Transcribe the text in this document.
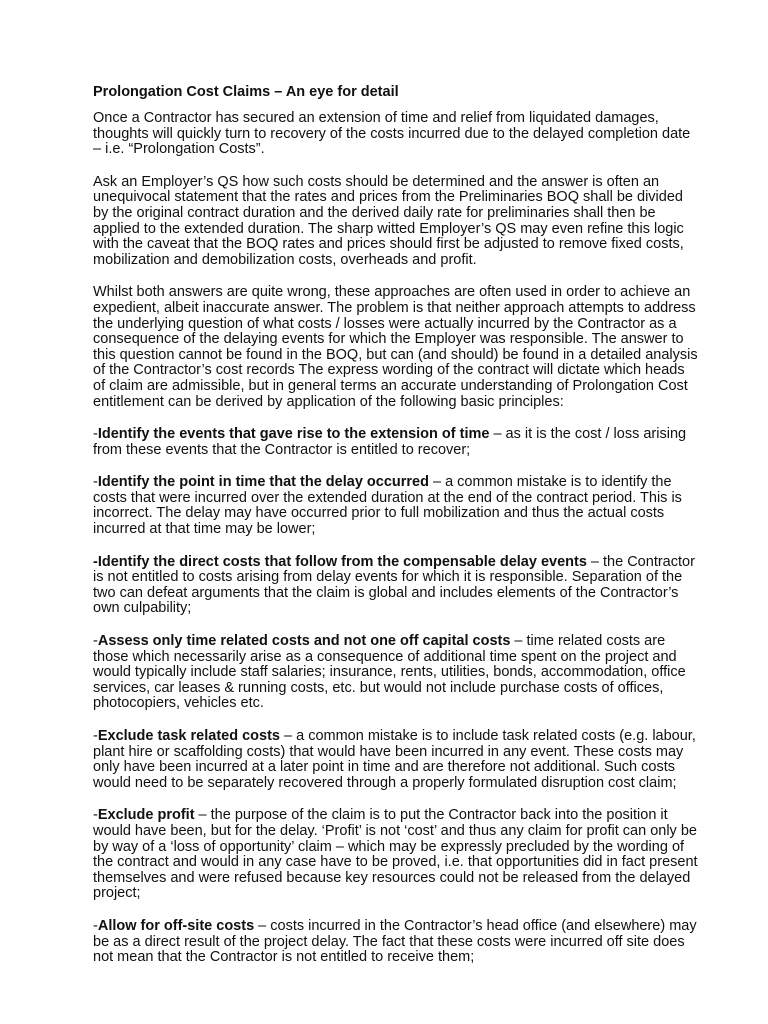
Prolongation Cost Claims – An eye for detail

Once a Contractor has secured an extension of time and relief from liquidated damages, thoughts will quickly turn to recovery of the costs incurred due to the delayed completion date – i.e. “Prolongation Costs”.

Ask an Employer’s QS how such costs should be determined and the answer is often an unequivocal statement that the rates and prices from the Preliminaries BOQ shall be divided by the original contract duration and the derived daily rate for preliminaries shall then be applied to the extended duration. The sharp witted Employer’s QS may even refine this logic with the caveat that the BOQ rates and prices should first be adjusted to remove fixed costs, mobilization and demobilization costs, overheads and profit.

Whilst both answers are quite wrong, these approaches are often used in order to achieve an expedient, albeit inaccurate answer. The problem is that neither approach attempts to address the underlying question of what costs / losses were actually incurred by the Contractor as a consequence of the delaying events for which the Employer was responsible. The answer to this question cannot be found in the BOQ, but can (and should) be found in a detailed analysis of the Contractor’s cost records The express wording of the contract will dictate which heads of claim are admissible, but in general terms an accurate understanding of Prolongation Cost entitlement can be derived by application of the following basic principles:

-Identify the events that gave rise to the extension of time – as it is the cost / loss arising from these events that the Contractor is entitled to recover;

-Identify the point in time that the delay occurred – a common mistake is to identify the costs that were incurred over the extended duration at the end of the contract period. This is incorrect. The delay may have occurred prior to full mobilization and thus the actual costs incurred at that time may be lower;

-Identify the direct costs that follow from the compensable delay events – the Contractor is not entitled to costs arising from delay events for which it is responsible. Separation of the two can defeat arguments that the claim is global and includes elements of the Contractor’s own culpability;

-Assess only time related costs and not one off capital costs – time related costs are those which necessarily arise as a consequence of additional time spent on the project and would typically include staff salaries; insurance, rents, utilities, bonds, accommodation, office services, car leases & running costs, etc. but would not include purchase costs of offices, photocopiers, vehicles etc.

-Exclude task related costs – a common mistake is to include task related costs (e.g. labour, plant hire or scaffolding costs) that would have been incurred in any event. These costs may only have been incurred at a later point in time and are therefore not additional. Such costs would need to be separately recovered through a properly formulated disruption cost claim;

-Exclude profit – the purpose of the claim is to put the Contractor back into the position it would have been, but for the delay. ‘Profit’ is not ‘cost’ and thus any claim for profit can only be by way of a ‘loss of opportunity’ claim – which may be expressly precluded by the wording of the contract and would in any case have to be proved, i.e. that opportunities did in fact present themselves and were refused because key resources could not be released from the delayed project;

-Allow for off-site costs – costs incurred in the Contractor’s head office (and elsewhere) may be as a direct result of the project delay. The fact that these costs were incurred off site does not mean that the Contractor is not entitled to receive them;
